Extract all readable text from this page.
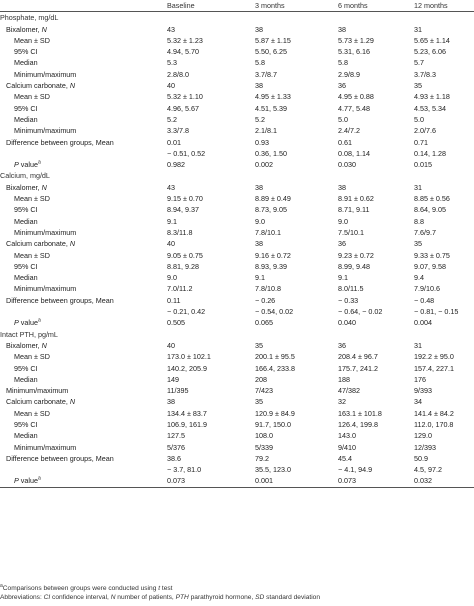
	Baseline	3 months	6 months	12 months
Phosphate, mg/dL				
Bixalomer, N	43	38	38	31
Mean ± SD	5.32 ± 1.23	5.87 ± 1.15	5.73 ± 1.29	5.65 ± 1.14
95% CI	4.94, 5.70	5.50, 6.25	5.31, 6.16	5.23, 6.06
Median	5.3	5.8	5.8	5.7
Minimum/maximum	2.8/8.0	3.7/8.7	2.9/8.9	3.7/8.3
Calcium carbonate, N	40	38	36	35
Mean ± SD	5.32 ± 1.10	4.95 ± 1.33	4.95 ± 0.88	4.93 ± 1.18
95% CI	4.96, 5.67	4.51, 5.39	4.77, 5.48	4.53, 5.34
Median	5.2	5.2	5.0	5.0
Minimum/maximum	3.3/7.8	2.1/8.1	2.4/7.2	2.0/7.6
Difference between groups, Mean	0.01	0.93	0.61	0.71
	− 0.51, 0.52	0.36, 1.50	0.08, 1.14	0.14, 1.28
P value$^a$	0.982	0.002	0.030	0.015
Calcium, mg/dL				
Bixalomer, N	43	38	38	31
Mean ± SD	9.15 ± 0.70	8.89 ± 0.49	8.91 ± 0.62	8.85 ± 0.56
95% CI	8.94, 9.37	8.73, 9.05	8.71, 9.11	8.64, 9.05
Median	9.1	9.0	9.0	8.8
Minimum/maximum	8.3/11.8	7.8/10.1	7.5/10.1	7.6/9.7
Calcium carbonate, N	40	38	36	35
Mean ± SD	9.05 ± 0.75	9.16 ± 0.72	9.23 ± 0.72	9.33 ± 0.75
95% CI	8.81, 9.28	8.93, 9.39	8.99, 9.48	9.07, 9.58
Median	9.0	9.1	9.1	9.4
Minimum/maximum	7.0/11.2	7.8/10.8	8.0/11.5	7.9/10.6
Difference between groups, Mean	0.11	− 0.26	− 0.33	− 0.48
	− 0.21, 0.42	− 0.54, 0.02	− 0.64, − 0.02	− 0.81, − 0.15
P value$^a$	0.505	0.065	0.040	0.004
Intact PTH, pg/mL				
Bixalomer, N	40	35	36	31
Mean ± SD	173.0 ± 102.1	200.1 ± 95.5	208.4 ± 96.7	192.2 ± 95.0
95% CI	140.2, 205.9	166.4, 233.8	175.7, 241.2	157.4, 227.1
Median	149	208	188	176
Minimum/maximum	11/395	7/423	47/382	9/393
Calcium carbonate, N	38	35	32	34
Mean ± SD	134.4 ± 83.7	120.9 ± 84.9	163.1 ± 101.8	141.4 ± 84.2
95% CI	106.9, 161.9	91.7, 150.0	126.4, 199.8	112.0, 170.8
Median	127.5	108.0	143.0	129.0
Minimum/maximum	5/376	5/339	9/410	12/393
Difference between groups, Mean	38.6	79.2	45.4	50.9
	− 3.7, 81.0	35.5, 123.0	− 4.1, 94.9	4.5, 97.2
P value$^a$	0.073	0.001	0.073	0.032
$^a$Comparisons between groups were conducted using t test
Abbreviations: CI confidence interval, N number of patients, PTH parathyroid hormone, SD standard deviation
